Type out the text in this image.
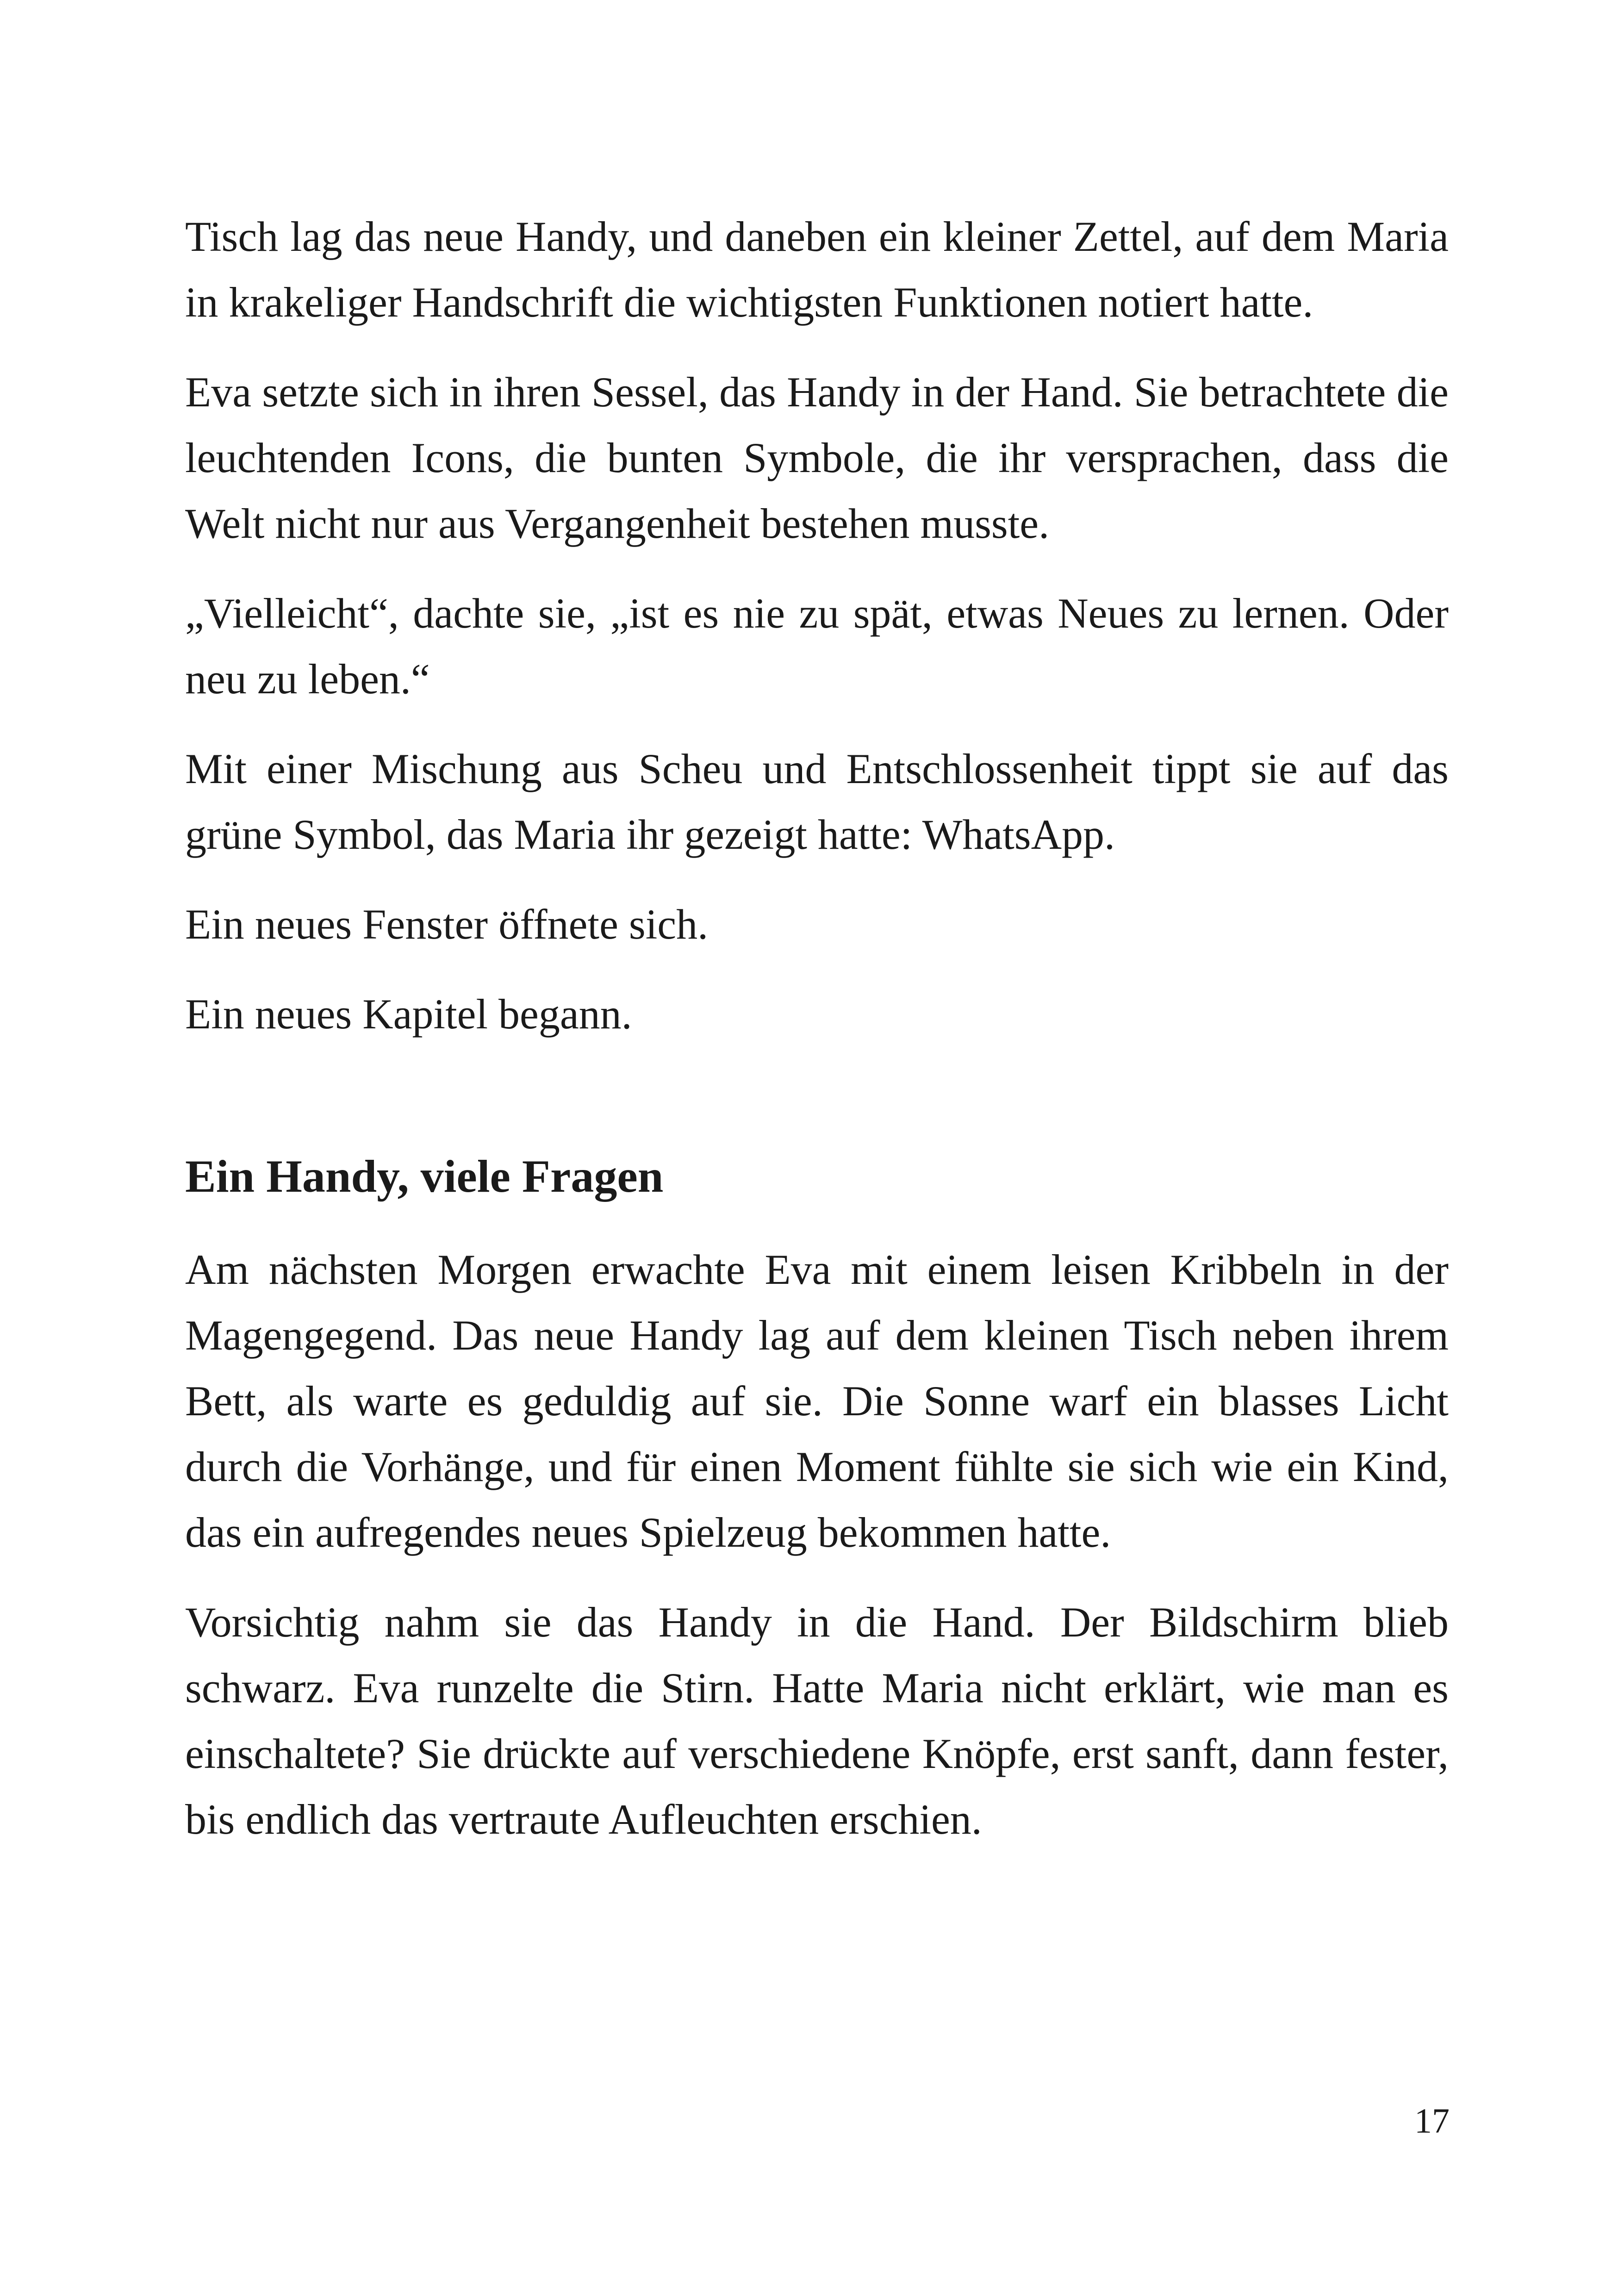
Tisch lag das neue Handy, und daneben ein kleiner Zettel, auf dem Maria in krakeliger Handschrift die wichtigsten Funktionen notiert hatte.

Eva setzte sich in ihren Sessel, das Handy in der Hand. Sie betrachtete die leuchtenden Icons, die bunten Symbole, die ihr versprachen, dass die Welt nicht nur aus Vergangenheit bestehen musste.

„Vielleicht“, dachte sie, „ist es nie zu spät, etwas Neues zu lernen. Oder neu zu leben.“

Mit einer Mischung aus Scheu und Entschlossenheit tippt sie auf das grüne Symbol, das Maria ihr gezeigt hatte: WhatsApp.

Ein neues Fenster öffnete sich.

Ein neues Kapitel begann.

Ein Handy, viele Fragen

Am nächsten Morgen erwachte Eva mit einem leisen Kribbeln in der Magengegend. Das neue Handy lag auf dem kleinen Tisch neben ihrem Bett, als warte es geduldig auf sie. Die Sonne warf ein blasses Licht durch die Vorhänge, und für einen Moment fühlte sie sich wie ein Kind, das ein aufregendes neues Spielzeug bekommen hatte.

Vorsichtig nahm sie das Handy in die Hand. Der Bildschirm blieb schwarz. Eva runzelte die Stirn. Hatte Maria nicht erklärt, wie man es einschaltete? Sie drückte auf verschiedene Knöpfe, erst sanft, dann fester, bis endlich das vertraute Aufleuchten erschien.

17
